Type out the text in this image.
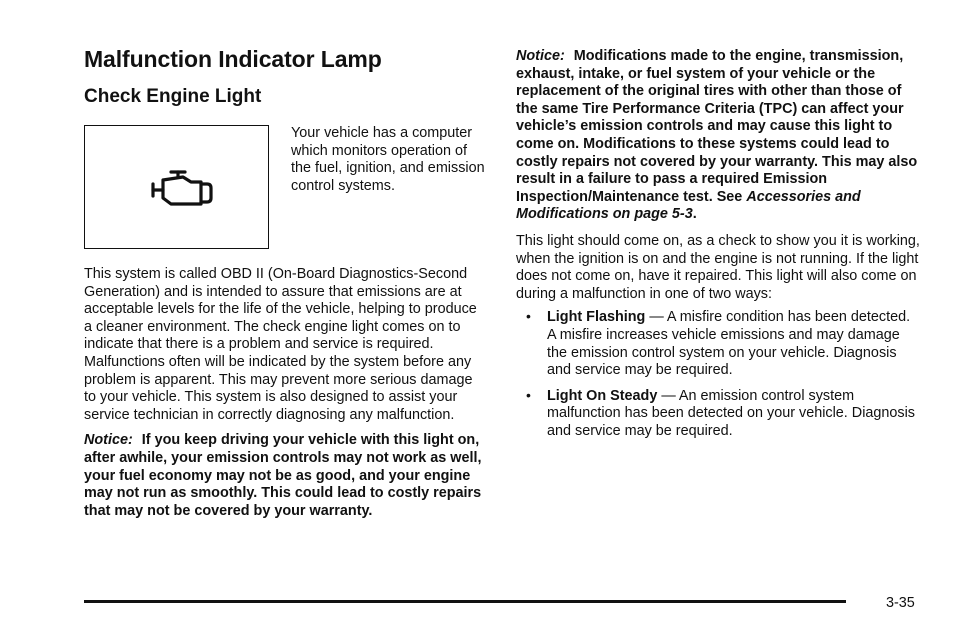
Malfunction Indicator Lamp
Check Engine Light

Your vehicle has a computer which monitors operation of the fuel, ignition, and emission control systems.

This system is called OBD II (On-Board Diagnostics-Second Generation) and is intended to assure that emissions are at acceptable levels for the life of the vehicle, helping to produce a cleaner environment. The check engine light comes on to indicate that there is a problem and service is required. Malfunctions often will be indicated by the system before any problem is apparent. This may prevent more serious damage to your vehicle. This system is also designed to assist your service technician in correctly diagnosing any malfunction.

Notice: If you keep driving your vehicle with this light on, after awhile, your emission controls may not work as well, your fuel economy may not be as good, and your engine may not run as smoothly. This could lead to costly repairs that may not be covered by your warranty.

Notice: Modifications made to the engine, transmission, exhaust, intake, or fuel system of your vehicle or the replacement of the original tires with other than those of the same Tire Performance Criteria (TPC) can affect your vehicle’s emission controls and may cause this light to come on. Modifications to these systems could lead to costly repairs not covered by your warranty. This may also result in a failure to pass a required Emission Inspection/Maintenance test. See Accessories and Modifications on page 5-3.

This light should come on, as a check to show you it is working, when the ignition is on and the engine is not running. If the light does not come on, have it repaired. This light will also come on during a malfunction in one of two ways:

• Light Flashing — A misfire condition has been detected. A misfire increases vehicle emissions and may damage the emission control system on your vehicle. Diagnosis and service may be required.
• Light On Steady — An emission control system malfunction has been detected on your vehicle. Diagnosis and service may be required.
3-35
